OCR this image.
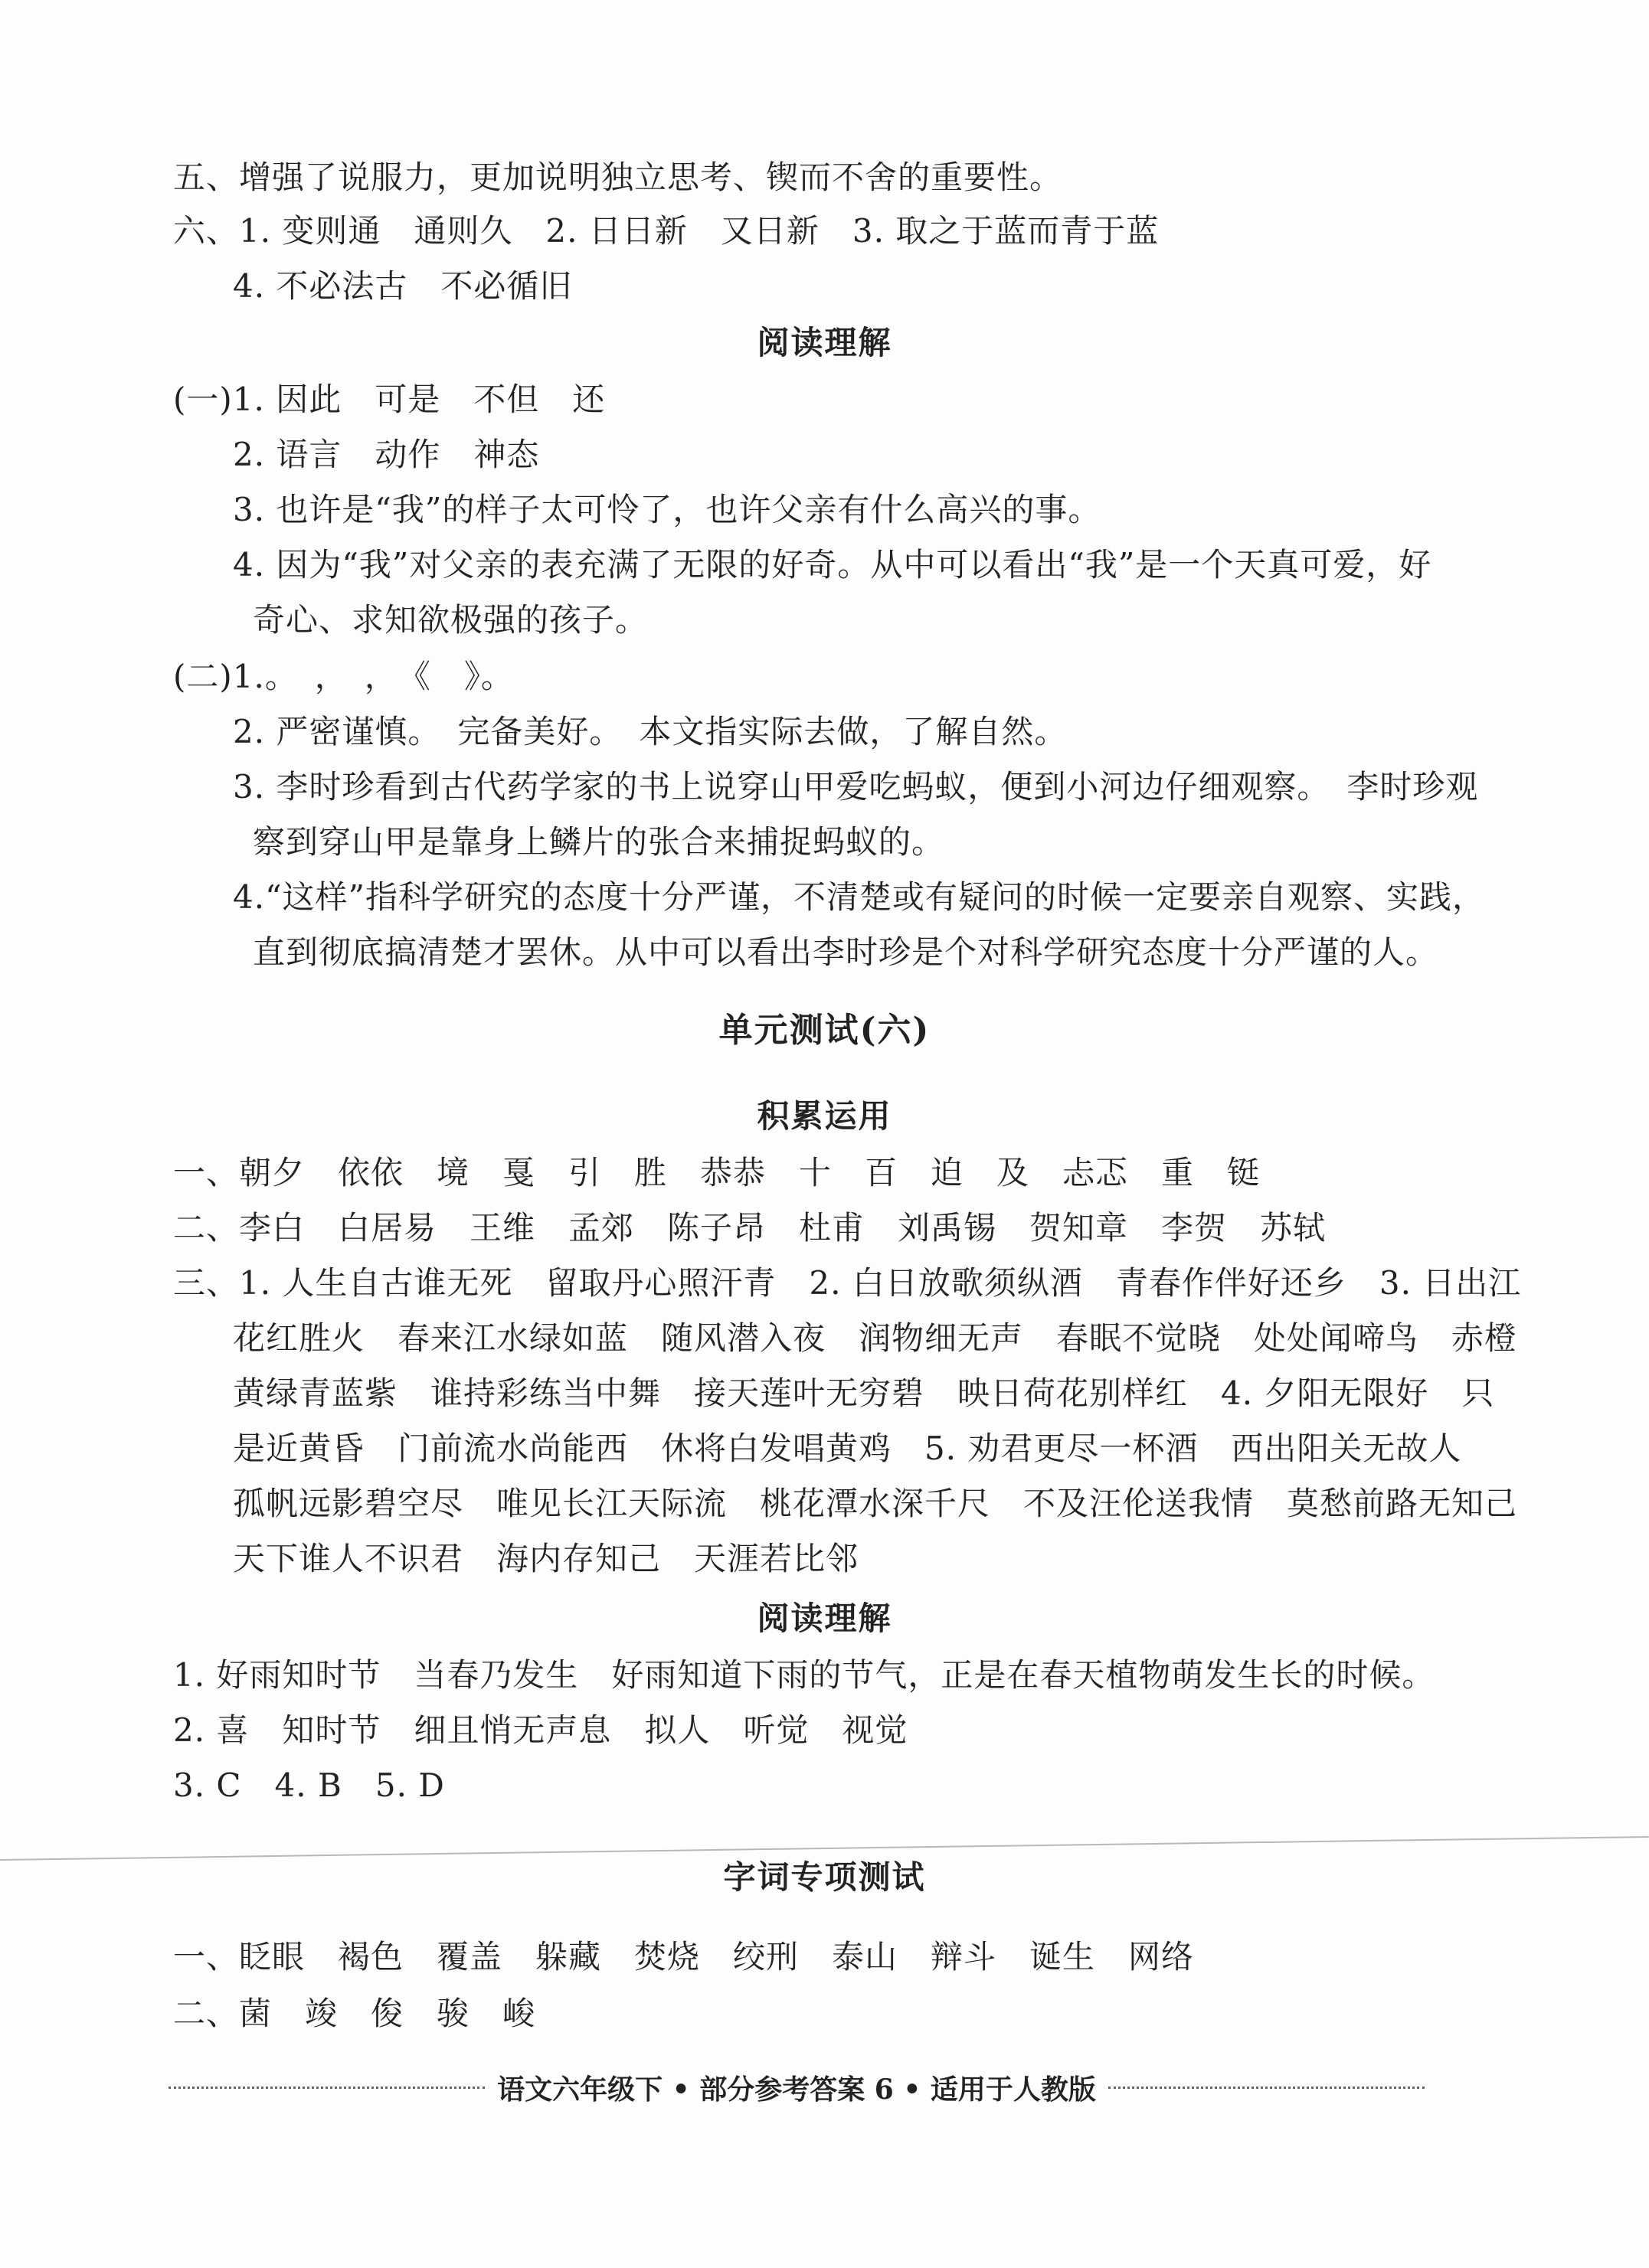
五、增强了说服力，更加说明独立思考、锲而不舍的重要性。
六、1. 变则通　通则久　2. 日日新　又日新　3. 取之于蓝而青于蓝
4. 不必法古　不必循旧
阅读理解
(一)1. 因此　可是　不但　还
2. 语言　动作　神态
3. 也许是“我”的样子太可怜了，也许父亲有什么高兴的事。
4. 因为“我”对父亲的表充满了无限的好奇。从中可以看出“我”是一个天真可爱，好
奇心、求知欲极强的孩子。
(二)1.。　，　，　《　》。
2. 严密谨慎。　完备美好。　本文指实际去做，了解自然。
3. 李时珍看到古代药学家的书上说穿山甲爱吃蚂蚁，便到小河边仔细观察。　李时珍观
察到穿山甲是靠身上鳞片的张合来捕捉蚂蚁的。
4.“这样”指科学研究的态度十分严谨，不清楚或有疑问的时候一定要亲自观察、实践，
直到彻底搞清楚才罢休。从中可以看出李时珍是个对科学研究态度十分严谨的人。
单元测试(六)
积累运用
一、朝夕　依依　境　戛　引　胜　恭恭　十　百　迫　及　忐忑　重　铤
二、李白　白居易　王维　孟郊　陈子昂　杜甫　刘禹锡　贺知章　李贺　苏轼
三、1. 人生自古谁无死　留取丹心照汗青　2. 白日放歌须纵酒　青春作伴好还乡　3. 日出江
花红胜火　春来江水绿如蓝　随风潜入夜　润物细无声　春眠不觉晓　处处闻啼鸟　赤橙
黄绿青蓝紫　谁持彩练当中舞　接天莲叶无穷碧　映日荷花别样红　4. 夕阳无限好　只
是近黄昏　门前流水尚能西　休将白发唱黄鸡　5. 劝君更尽一杯酒　西出阳关无故人
孤帆远影碧空尽　唯见长江天际流　桃花潭水深千尺　不及汪伦送我情　莫愁前路无知己
天下谁人不识君　海内存知己　天涯若比邻
阅读理解
1. 好雨知时节　当春乃发生　好雨知道下雨的节气，正是在春天植物萌发生长的时候。
2. 喜　知时节　细且悄无声息　拟人　听觉　视觉
3. C　4. B　5. D
字词专项测试
一、眨眼　褐色　覆盖　躲藏　焚烧　绞刑　泰山　辩斗　诞生　网络
二、菌　竣　俊　骏　峻
语文六年级下 • 部分参考答案 6 • 适用于人教版
